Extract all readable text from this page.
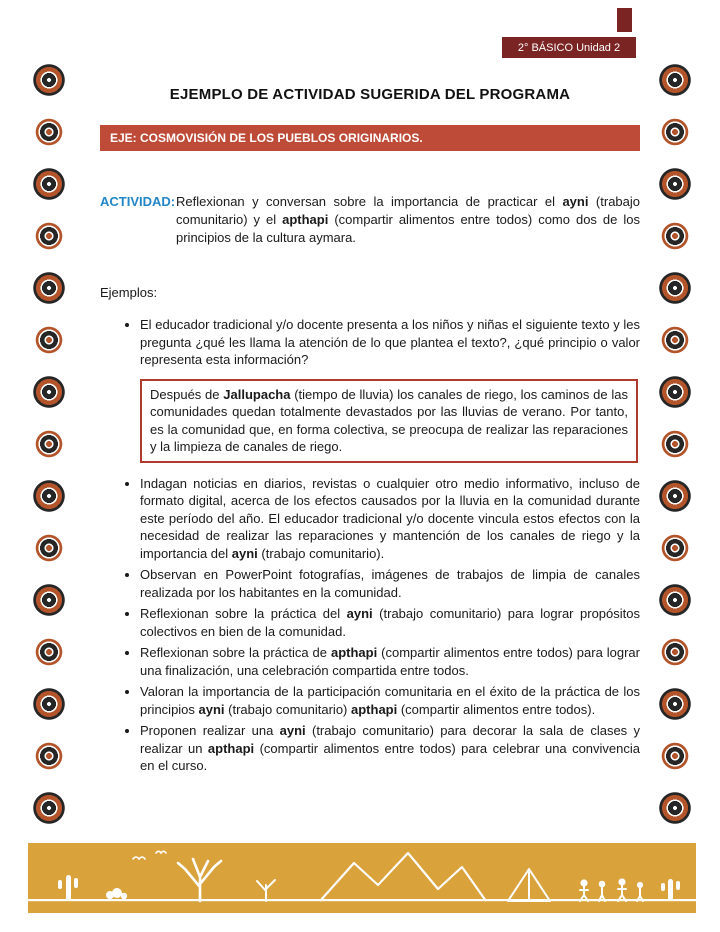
2° BÁSICO Unidad 2
EJEMPLO DE ACTIVIDAD SUGERIDA DEL PROGRAMA
EJE: COSMOVISIÓN DE LOS PUEBLOS ORIGINARIOS.
ACTIVIDAD: Reflexionan y conversan sobre la importancia de practicar el ayni (trabajo comunitario) y el apthapi (compartir alimentos entre todos) como dos de los principios de la cultura aymara.
Ejemplos:
• El educador tradicional y/o docente presenta a los niños y niñas el siguiente texto y les pregunta ¿qué les llama la atención de lo que plantea el texto?, ¿qué principio o valor representa esta información?
Después de Jallupacha (tiempo de lluvia) los canales de riego, los caminos de las comunidades quedan totalmente devastados por las lluvias de verano. Por tanto, es la comunidad que, en forma colectiva, se preocupa de realizar las reparaciones y la limpieza de canales de riego.
• Indagan noticias en diarios, revistas o cualquier otro medio informativo, incluso de formato digital, acerca de los efectos causados por la lluvia en la comunidad durante este período del año. El educador tradicional y/o docente vincula estos efectos con la necesidad de realizar las reparaciones y mantención de los canales de riego y la importancia del ayni (trabajo comunitario).
• Observan en PowerPoint fotografías, imágenes de trabajos de limpia de canales realizada por los habitantes en la comunidad.
• Reflexionan sobre la práctica del ayni (trabajo comunitario) para lograr propósitos colectivos en bien de la comunidad.
• Reflexionan sobre la práctica de apthapi (compartir alimentos entre todos) para lograr una finalización, una celebración compartida entre todos.
• Valoran la importancia de la participación comunitaria en el éxito de la práctica de los principios ayni (trabajo comunitario) apthapi (compartir alimentos entre todos).
• Proponen realizar una ayni (trabajo comunitario) para decorar la sala de clases y realizar un apthapi (compartir alimentos entre todos) para celebrar una convivencia en el curso.
